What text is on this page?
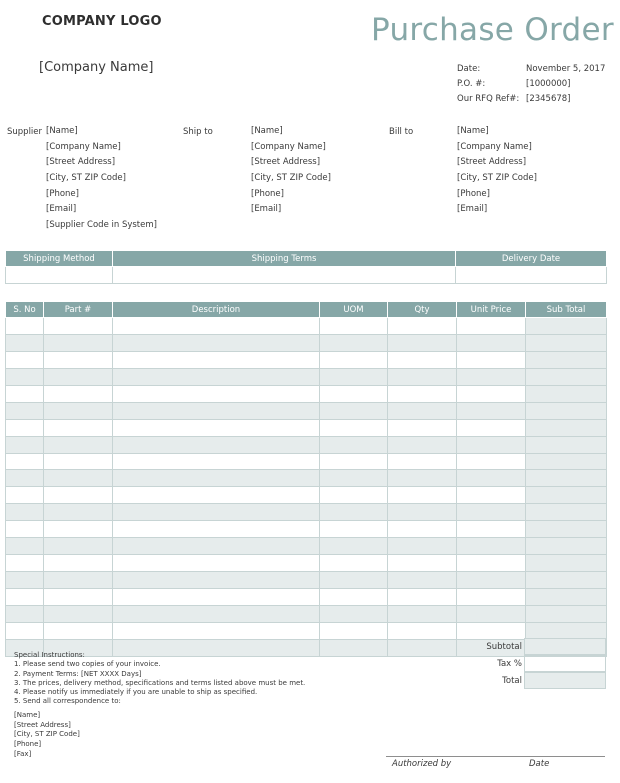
COMPANY LOGO	Purchase Order
[Company Name]	Date:	November 5, 2017
P.O. #:	[1000000]
Our RFQ Ref#: [2345678]
Supplier [Name]
[Company Name]
[Street Address]
[City, ST ZIP Code]
[Phone]
[Email]
[Supplier Code in System]
Ship to	[Name]
[Company Name]
[Street Address]
[City, ST ZIP Code]
[Phone]
[Email]
Bill to	[Name]
[Company Name]
[Street Address]
[City, ST ZIP Code]
[Phone]
[Email]
Shipping Method	Shipping Terms	Delivery Date

S. No	Part #	Description	UOM	Qty	Unit Price	Sub Total

Subtotal
Tax %
Total
Special Instructions:
1. Please send two copies of your invoice.
2. Payment Terms: [NET XXXX Days]
3. The prices, delivery method, specifications and terms listed above must be met.
4. Please notify us immediately if you are unable to ship as specified.
5. Send all correspondence to:
[Name]
[Street Address]
[City, ST ZIP Code]
[Phone]
[Fax]
Authorized by	Date
